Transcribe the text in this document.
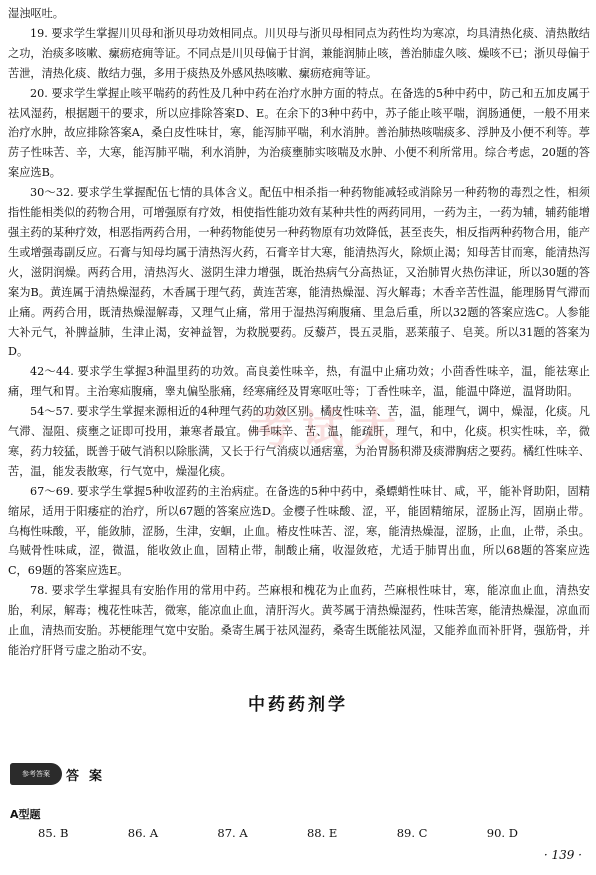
湿浊呕吐。

19. 要求学生掌握川贝母和浙贝母功效相同点。川贝母与浙贝母相同点为药性均为寒凉，均具清热化痰、清热散结之功，治痰多咳嗽、瘰疬疮痈等证。不同点是川贝母偏于甘润，兼能润肺止咳，善治肺虚久咳、燥咳不已；浙贝母偏于苦泄，清热化痰、散结力强，多用于痰热及外感风热咳嗽、瘰疬疮痈等证。

20. 要求学生掌握止咳平喘药的药性及几种中药在治疗水肿方面的特点。在备选的5种中药中，防己和五加皮属于祛风湿药，根据题干的要求，所以应排除答案D、E。在余下的3种中药中，苏子能止咳平喘，润肠通便，一般不用来治疗水肿，故应排除答案A，桑白皮性味甘，寒，能泻肺平喘，利水消肿。善治肺热咳喘痰多、浮肿及小便不利等。葶苈子性味苦、辛，大寒，能泻肺平喘，利水消肿，为治痰壅肺实咳喘及水肿、小便不利所常用。综合考虑，20题的答案应选B。

30～32. 要求学生掌握配伍七情的具体含义。配伍中相杀指一种药物能减轻或消除另一种药物的毒烈之性，相须指性能相类似的药物合用，可增强原有疗效，相使指性能功效有某种共性的两药同用，一药为主，一药为辅，辅药能增强主药的某种疗效，相恶指两药合用，一种药物能使另一种药物原有功效降低，甚至丧失，相反指两种药物合用，能产生或增强毒副反应。石膏与知母均属于清热泻火药，石膏辛甘大寒，能清热泻火，除烦止渴；知母苦甘而寒，能清热泻火，滋阴润燥。两药合用，清热泻火、滋阴生津力增强，既治热病气分高热证，又治肺胃火热伤津证，所以30题的答案为B。黄连属于清热燥湿药，木香属于理气药，黄连苦寒，能清热燥湿、泻火解毒；木香辛苦性温，能理肠胃气滞而止痛。两药合用，既清热燥湿解毒，又理气止痛，常用于湿热泻痢腹痛、里急后重，所以32题的答案应选C。人参能大补元气，补脾益肺，生津止渴，安神益智，为救脱要药。反藜芦，畏五灵脂，恶莱菔子、皂荚。所以31题的答案为D。

42～44. 要求学生掌握3种温里药的功效。高良姜性味辛，热，有温中止痛功效；小茴香性味辛，温，能祛寒止痛，理气和胃。主治寒疝腹痛，睾丸偏坠胀痛，经寒痛经及胃寒呕吐等；丁香性味辛，温，能温中降逆，温肾助阳。

54～57. 要求学生掌握来源相近的4种理气药的功效区别。橘皮性味辛、苦，温，能理气，调中，燥湿，化痰。凡气滞、湿阻、痰壅之证即可投用，兼寒者最宜。佛手味辛、苦、温，能疏肝，理气，和中，化痰。枳实性味，辛，微寒，药力较猛，既善于破气消积以除胀满，又长于行气消痰以通痞塞，为治胃肠积滞及痰滞胸痞之要药。橘红性味辛、苦，温，能发表散寒，行气宽中，燥湿化痰。

67～69. 要求学生掌握5种收涩药的主治病症。在备选的5种中药中，桑螵蛸性味甘、咸，平，能补肾助阳，固精缩尿，适用于阳痿症的治疗，所以67题的答案应选D。金樱子性味酸、涩，平，能固精缩尿，涩肠止泻，固崩止带。乌梅性味酸，平，能敛肺，涩肠，生津，安蛔，止血。椿皮性味苦、涩，寒，能清热燥湿，涩肠，止血，止带，杀虫。乌贼骨性味咸，涩，微温，能收敛止血，固精止带，制酸止痛，收湿敛疮，尤适于肺胃出血，所以68题的答案应选C，69题的答案应选E。

78. 要求学生掌握具有安胎作用的常用中药。苎麻根和槐花为止血药，苎麻根性味甘，寒，能凉血止血，清热安胎，利尿，解毒；槐花性味苦，微寒，能凉血止血，清肝泻火。黄芩属于清热燥湿药，性味苦寒，能清热燥湿，凉血而止血，清热而安胎。苏梗能理气宽中安胎。桑寄生属于祛风湿药，桑寄生既能祛风湿，又能养血而补肝肾，强筋骨，并能治疗肝肾亏虚之胎动不安。

考试大
中药药剂学
参考答案	答案
A型题
85. B	86. A	87. A	88. E	89. C	90. D
· 139 ·
